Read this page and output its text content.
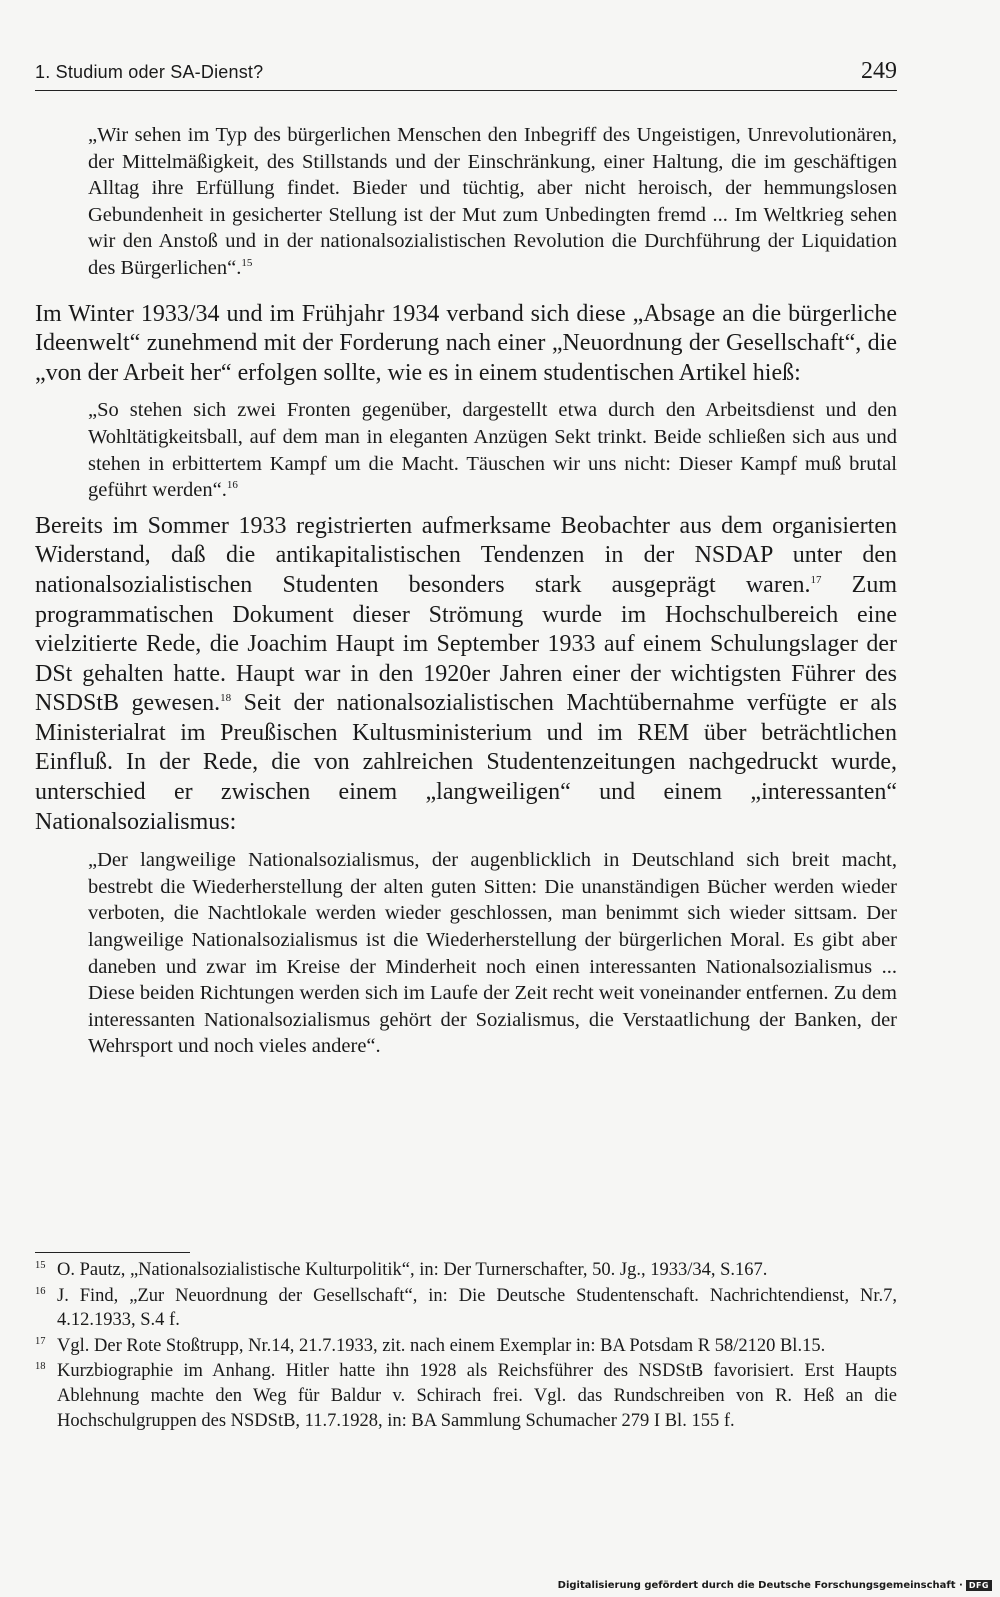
1. Studium oder SA-Dienst?	249

„Wir sehen im Typ des bürgerlichen Menschen den Inbegriff des Ungeistigen, Unrevolutionären, der Mittelmäßigkeit, des Stillstands und der Einschränkung, einer Haltung, die im geschäftigen Alltag ihre Erfüllung findet. Bieder und tüchtig, aber nicht heroisch, der hemmungslosen Gebundenheit in gesicherter Stellung ist der Mut zum Unbedingten fremd ... Im Weltkrieg sehen wir den Anstoß und in der nationalsozialistischen Revolution die Durchführung der Liquidation des Bürgerlichen“.$^{15}$

Im Winter 1933/34 und im Frühjahr 1934 verband sich diese „Absage an die bürgerliche Ideenwelt“ zunehmend mit der Forderung nach einer „Neuordnung der Gesellschaft“, die „von der Arbeit her“ erfolgen sollte, wie es in einem studentischen Artikel hieß:

„So stehen sich zwei Fronten gegenüber, dargestellt etwa durch den Arbeitsdienst und den Wohltätigkeitsball, auf dem man in eleganten Anzügen Sekt trinkt. Beide schließen sich aus und stehen in erbittertem Kampf um die Macht. Täuschen wir uns nicht: Dieser Kampf muß brutal geführt werden“.$^{16}$

Bereits im Sommer 1933 registrierten aufmerksame Beobachter aus dem organisierten Widerstand, daß die antikapitalistischen Tendenzen in der NSDAP unter den nationalsozialistischen Studenten besonders stark ausgeprägt waren.$^{17}$ Zum programmatischen Dokument dieser Strömung wurde im Hochschulbereich eine vielzitierte Rede, die Joachim Haupt im September 1933 auf einem Schulungslager der DSt gehalten hatte. Haupt war in den 1920er Jahren einer der wichtigsten Führer des NSDStB gewesen.$^{18}$ Seit der nationalsozialistischen Machtübernahme verfügte er als Ministerialrat im Preußischen Kultusministerium und im REM über beträchtlichen Einfluß. In der Rede, die von zahlreichen Studentenzeitungen nachgedruckt wurde, unterschied er zwischen einem „langweiligen“ und einem „interessanten“ Nationalsozialismus:

„Der langweilige Nationalsozialismus, der augenblicklich in Deutschland sich breit macht, bestrebt die Wiederherstellung der alten guten Sitten: Die unanständigen Bücher werden wieder verboten, die Nachtlokale werden wieder geschlossen, man benimmt sich wieder sittsam. Der langweilige Nationalsozialismus ist die Wiederherstellung der bürgerlichen Moral. Es gibt aber daneben und zwar im Kreise der Minderheit noch einen interessanten Nationalsozialismus ... Diese beiden Richtungen werden sich im Laufe der Zeit recht weit voneinander entfernen. Zu dem interessanten Nationalsozialismus gehört der Sozialismus, die Verstaatlichung der Banken, der Wehrsport und noch vieles andere“.

15 O. Pautz, „Nationalsozialistische Kulturpolitik“, in: Der Turnerschafter, 50. Jg., 1933/34, S.167.
16 J. Find, „Zur Neuordnung der Gesellschaft“, in: Die Deutsche Studentenschaft. Nachrichtendienst, Nr.7, 4.12.1933, S.4 f.
17 Vgl. Der Rote Stoßtrupp, Nr.14, 21.7.1933, zit. nach einem Exemplar in: BA Potsdam R 58/2120 Bl.15.
18 Kurzbiographie im Anhang. Hitler hatte ihn 1928 als Reichsführer des NSDStB favorisiert. Erst Haupts Ablehnung machte den Weg für Baldur v. Schirach frei. Vgl. das Rundschreiben von R. Heß an die Hochschulgruppen des NSDStB, 11.7.1928, in: BA Sammlung Schumacher 279 I Bl. 155 f.
Digitalisierung gefördert durch die Deutsche Forschungsgemeinschaft · DFG
